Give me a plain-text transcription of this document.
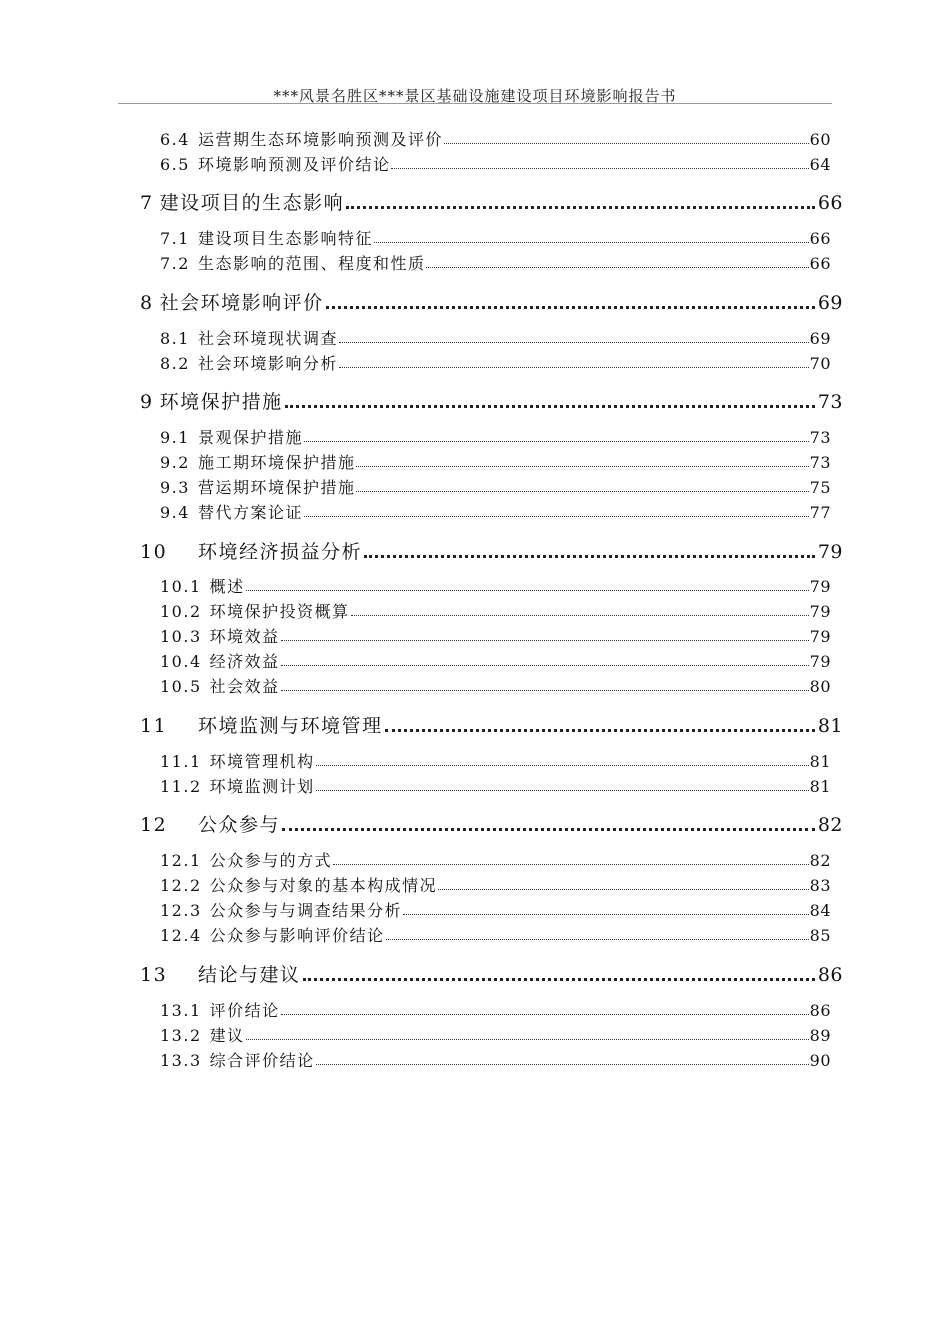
***风景名胜区***景区基础设施建设项目环境影响报告书
6.4 运营期生态环境影响预测及评价	60
6.5 环境影响预测及评价结论	64
7 建设项目的生态影响	66
7.1 建设项目生态影响特征	66
7.2 生态影响的范围、程度和性质	66
8 社会环境影响评价	69
8.1 社会环境现状调查	69
8.2 社会环境影响分析	70
9 环境保护措施	73
9.1 景观保护措施	73
9.2 施工期环境保护措施	73
9.3 营运期环境保护措施	75
9.4 替代方案论证	77
10	环境经济损益分析	79
10.1 概述	79
10.2 环境保护投资概算	79
10.3 环境效益	79
10.4 经济效益	79
10.5 社会效益	80
11	环境监测与环境管理	81
11.1 环境管理机构	81
11.2 环境监测计划	81
12	公众参与	82
12.1 公众参与的方式	82
12.2 公众参与对象的基本构成情况	83
12.3 公众参与与调查结果分析	84
12.4 公众参与影响评价结论	85
13	结论与建议	86
13.1 评价结论	86
13.2 建议	89
13.3 综合评价结论	90
